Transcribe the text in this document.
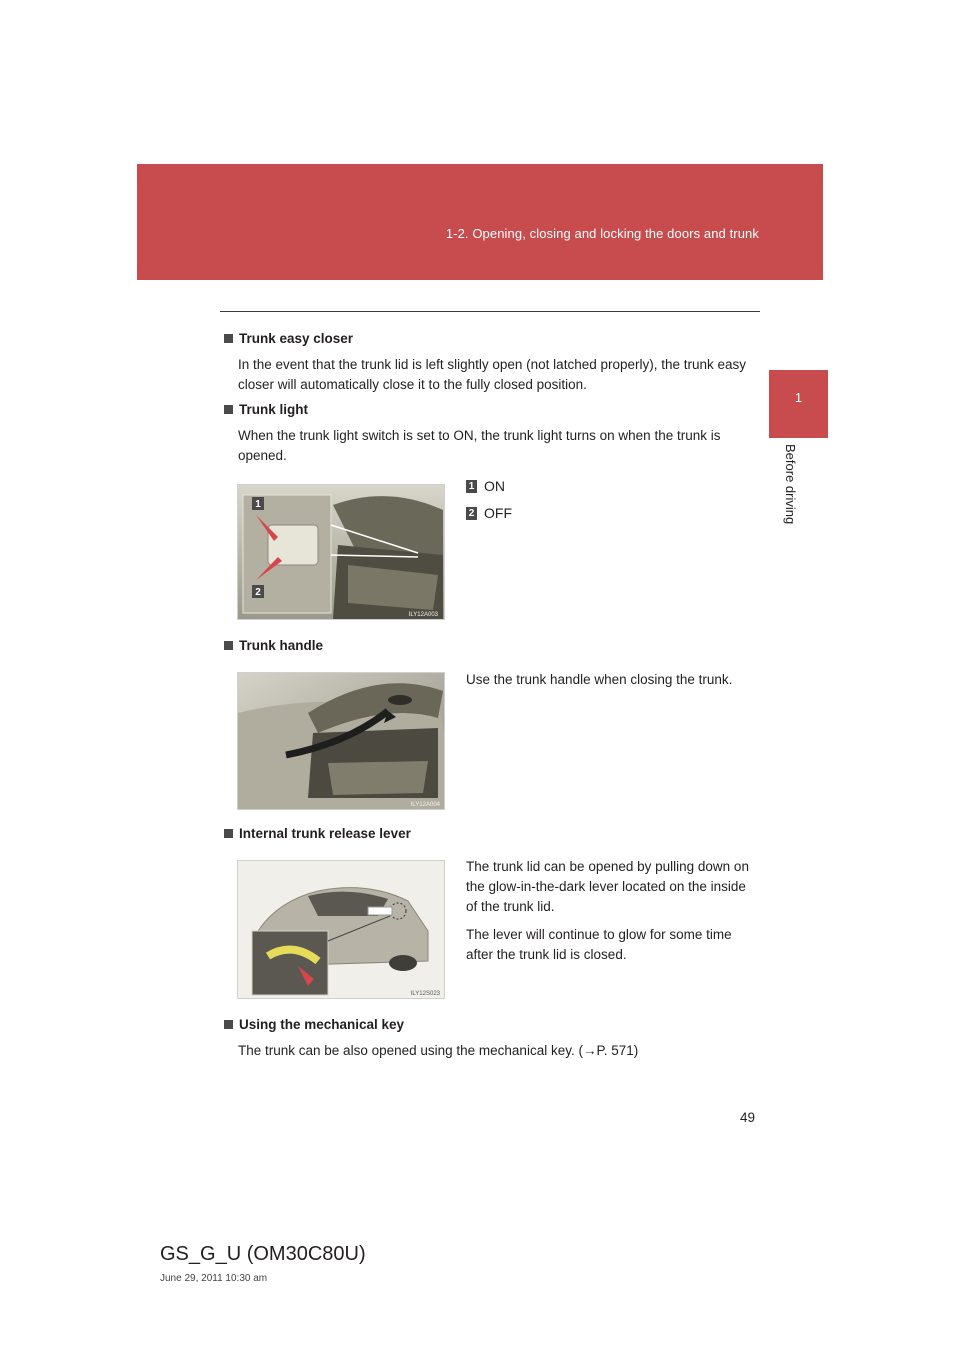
1-2. Opening, closing and locking the doors and trunk
1
Before driving

Trunk easy closer

In the event that the trunk lid is left slightly open (not latched properly), the trunk easy closer will automatically close it to the fully closed position.

Trunk light

When the trunk light switch is set to ON, the trunk light turns on when the trunk is opened.

1
2
ILY12A003
1 ON
2 OFF

Trunk handle

ILY12A004

Use the trunk handle when closing the trunk.

Internal trunk release lever

ILY12S023

The trunk lid can be opened by pulling down on the glow-in-the-dark lever located on the inside of the trunk lid.

The lever will continue to glow for some time after the trunk lid is closed.

Using the mechanical key

The trunk can be also opened using the mechanical key. (→P. 571)

49
GS_G_U (OM30C80U)
June 29, 2011 10:30 am
